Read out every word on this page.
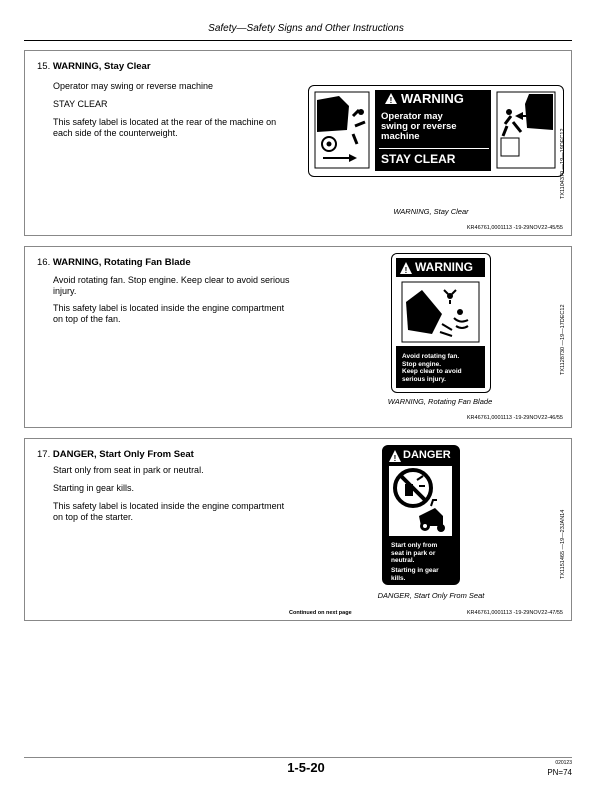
Safety—Safety Signs and Other Instructions
15. WARNING, Stay Clear
Operator may swing or reverse machine
STAY CLEAR
This safety label is located at the rear of the machine on each side of the counterweight.
! WARNING
Operator may
swing or reverse
machine
STAY CLEAR	TX1104370 —19—19DEC12
WARNING, Stay Clear
KR46761,0001113 -19-29NOV22-45/55
16. WARNING, Rotating Fan Blade
Avoid rotating fan. Stop engine. Keep clear to avoid serious injury.
This safety label is located inside the engine compartment on top of the fan.
! WARNING
Avoid rotating fan.
Stop engine.
Keep clear to avoid
serious injury.
TX1128730 —19—17DEC12
WARNING, Rotating Fan Blade
KR46761,0001113 -19-29NOV22-46/55
17. DANGER, Start Only From Seat
Start only from seat in park or neutral.
Starting in gear kills.
This safety label is located inside the engine compartment on top of the starter.
! DANGER
Start only from
seat in park or
neutral.
Starting in gear
kills.	TX1151465 —19—23JAN14
DANGER, Start Only From Seat
Continued on next page	KR46761,0001113 -19-29NOV22-47/55
1-5-20	020123
PN=74
